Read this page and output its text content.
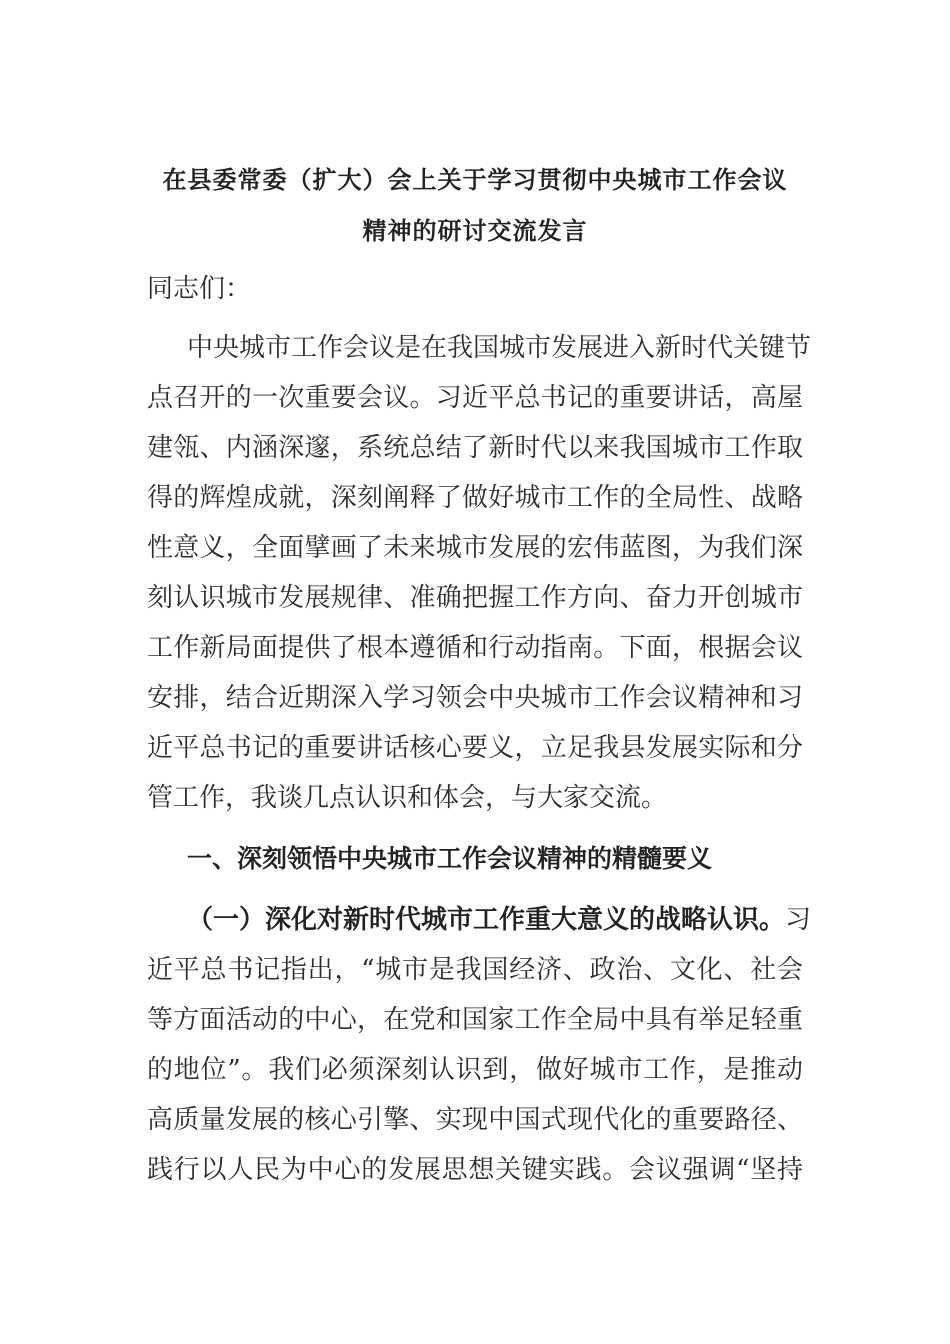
在县委常委（扩大）会上关于学习贯彻中央城市工作会议
精神的研讨交流发言

同志们：

中央城市工作会议是在我国城市发展进入新时代关键节

点召开的一次重要会议。习近平总书记的重要讲话，高屋

建瓴、内涵深邃，系统总结了新时代以来我国城市工作取

得的辉煌成就，深刻阐释了做好城市工作的全局性、战略

性意义，全面擘画了未来城市发展的宏伟蓝图，为我们深

刻认识城市发展规律、准确把握工作方向、奋力开创城市

工作新局面提供了根本遵循和行动指南。下面，根据会议

安排，结合近期深入学习领会中央城市工作会议精神和习

近平总书记的重要讲话核心要义，立足我县发展实际和分

管工作，我谈几点认识和体会，与大家交流。

一、深刻领悟中央城市工作会议精神的精髓要义

（一）深化对新时代城市工作重大意义的战略认识。习

近平总书记指出，“城市是我国经济、政治、文化、社会

等方面活动的中心，在党和国家工作全局中具有举足轻重

的地位”。我们必须深刻认识到，做好城市工作，是推动

高质量发展的核心引擎、实现中国式现代化的重要路径、

践行以人民为中心的发展思想关键实践。会议强调“坚持
